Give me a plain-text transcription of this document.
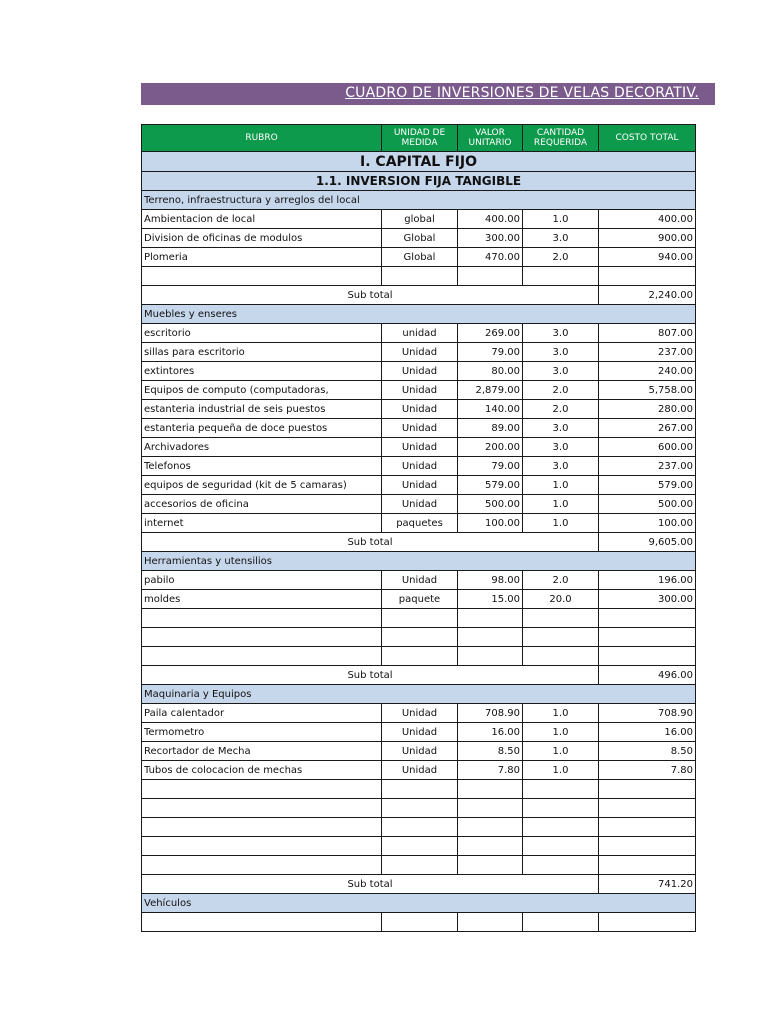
CUADRO DE INVERSIONES DE VELAS DECORATIV.
RUBRO	UNIDAD DE MEDIDA	VALOR UNITARIO	CANTIDAD REQUERIDA	COSTO TOTAL
I. CAPITAL FIJO				
1.1. INVERSION FIJA TANGIBLE				
Terreno, infraestructura y arreglos del local				
Ambientacion de local	global	400.00	1.0	400.00
Division de oficinas de modulos	Global	300.00	3.0	900.00
Plomeria	Global	470.00	2.0	940.00

Sub total				2,240.00
Muebles y enseres				
escritorio	unidad	269.00	3.0	807.00
sillas para escritorio	Unidad	79.00	3.0	237.00
extintores	Unidad	80.00	3.0	240.00
Equipos de computo (computadoras,	Unidad	2,879.00	2.0	5,758.00
estanteria industrial de seis puestos	Unidad	140.00	2.0	280.00
estanteria pequeña de doce puestos	Unidad	89.00	3.0	267.00
Archivadores	Unidad	200.00	3.0	600.00
Telefonos	Unidad	79.00	3.0	237.00
equipos de seguridad (kit de 5 camaras)	Unidad	579.00	1.0	579.00
accesorios de oficina	Unidad	500.00	1.0	500.00
internet	paquetes	100.00	1.0	100.00
Sub total				9,605.00
Herramientas y utensilios				
pabilo	Unidad	98.00	2.0	196.00
moldes	paquete	15.00	20.0	300.00

Sub total				496.00
Maquinaria y Equipos				
Paila calentador	Unidad	708.90	1.0	708.90
Termometro	Unidad	16.00	1.0	16.00
Recortador de Mecha	Unidad	8.50	1.0	8.50
Tubos de colocacion de mechas	Unidad	7.80	1.0	7.80

Sub total				741.20
Vehículos				
